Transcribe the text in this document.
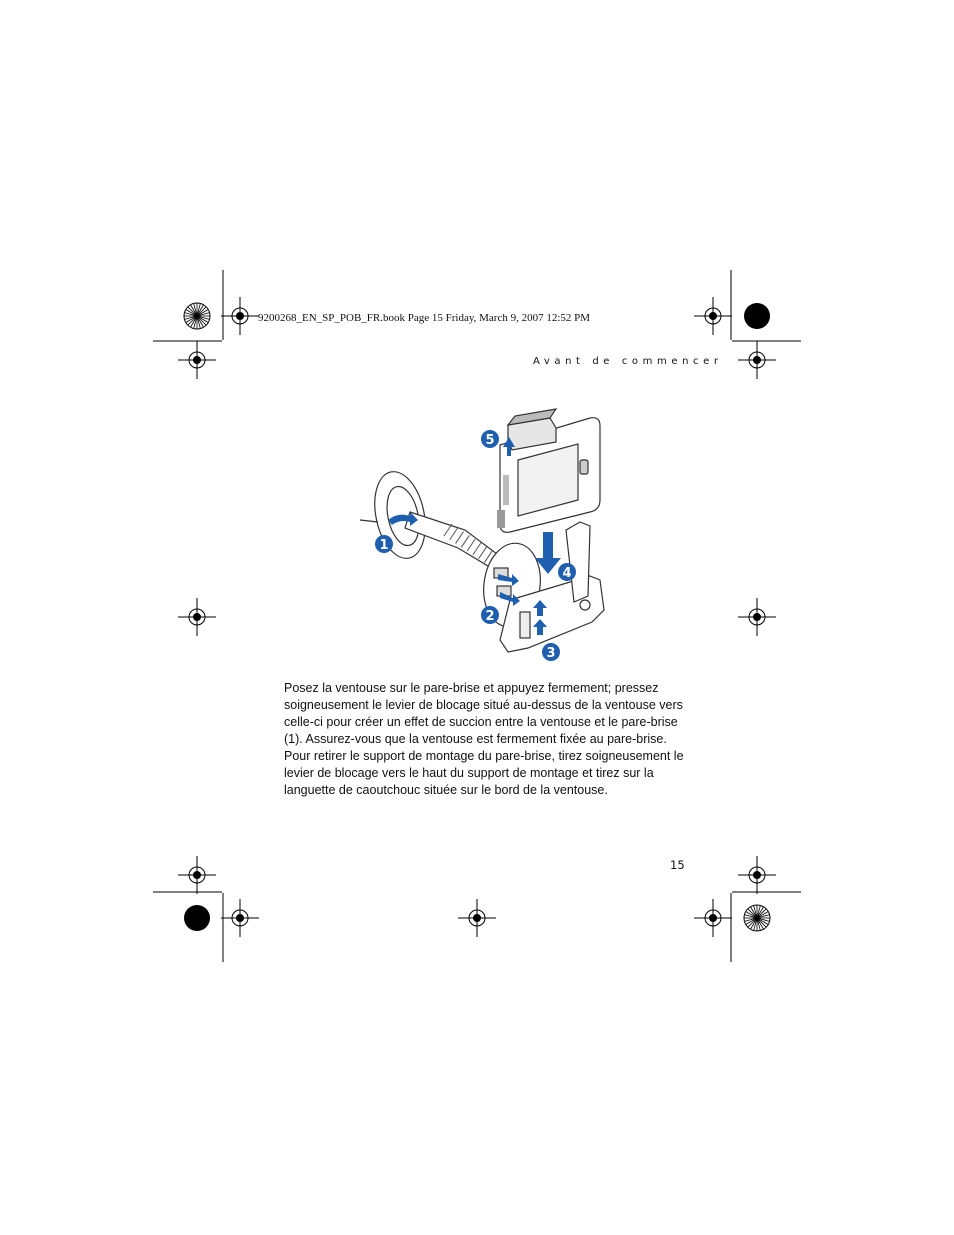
1
2
3
4
5
9200268_EN_SP_POB_FR.book Page 15 Friday, March 9, 2007 12:52 PM
Avant de commencer
Posez la ventouse sur le pare-brise et appuyez fermement; pressez soigneusement le levier de blocage situé au-dessus de la ventouse vers celle-ci pour créer un effet de succion entre la ventouse et le pare-brise (1). Assurez-vous que la ventouse est fermement fixée au pare-brise. Pour retirer le support de montage du pare-brise, tirez soigneusement le levier de blocage vers le haut du support de montage et tirez sur la languette de caoutchouc située sur le bord de la ventouse.
15
